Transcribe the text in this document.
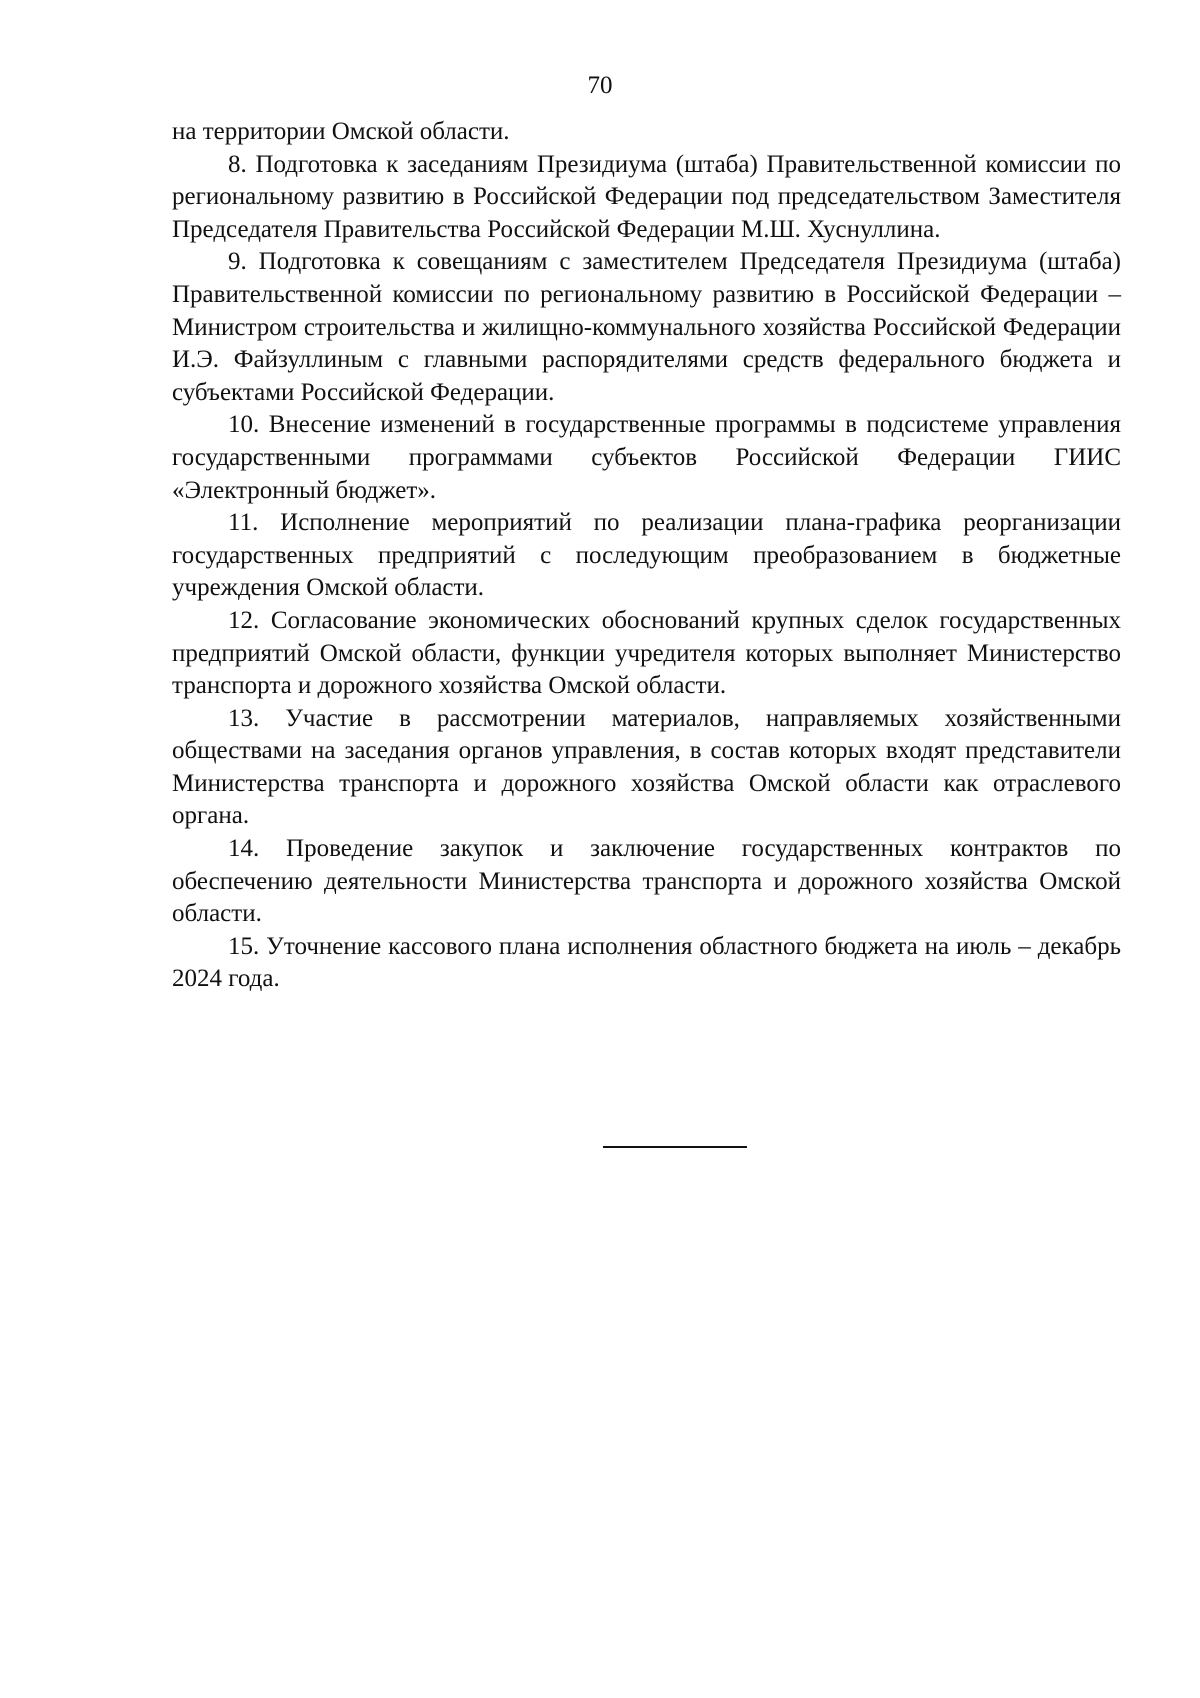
70

на территории Омской области.

8. Подготовка к заседаниям Президиума (штаба) Правительственной комиссии по региональному развитию в Российской Федерации под председательством Заместителя Председателя Правительства Российской Федерации М.Ш. Хуснуллина.

9. Подготовка к совещаниям с заместителем Председателя Президиума (штаба) Правительственной комиссии по региональному развитию в Российской Федерации – Министром строительства и жилищно-коммунального хозяйства Российской Федерации И.Э. Файзуллиным с главными распорядителями средств федерального бюджета и субъектами Российской Федерации.

10. Внесение изменений в государственные программы в подсистеме управления государственными программами субъектов Российской Федерации ГИИС «Электронный бюджет».

11. Исполнение мероприятий по реализации плана-графика реорганизации государственных предприятий с последующим преобразованием в бюджетные учреждения Омской области.

12. Согласование экономических обоснований крупных сделок государственных предприятий Омской области, функции учредителя которых выполняет Министерство транспорта и дорожного хозяйства Омской области.

13. Участие в рассмотрении материалов, направляемых хозяйственными обществами на заседания органов управления, в состав которых входят представители Министерства транспорта и дорожного хозяйства Омской области как отраслевого органа.

14. Проведение закупок и заключение государственных контрактов по обеспечению деятельности Министерства транспорта и дорожного хозяйства Омской области.

15. Уточнение кассового плана исполнения областного бюджета на июль – декабрь 2024 года.
